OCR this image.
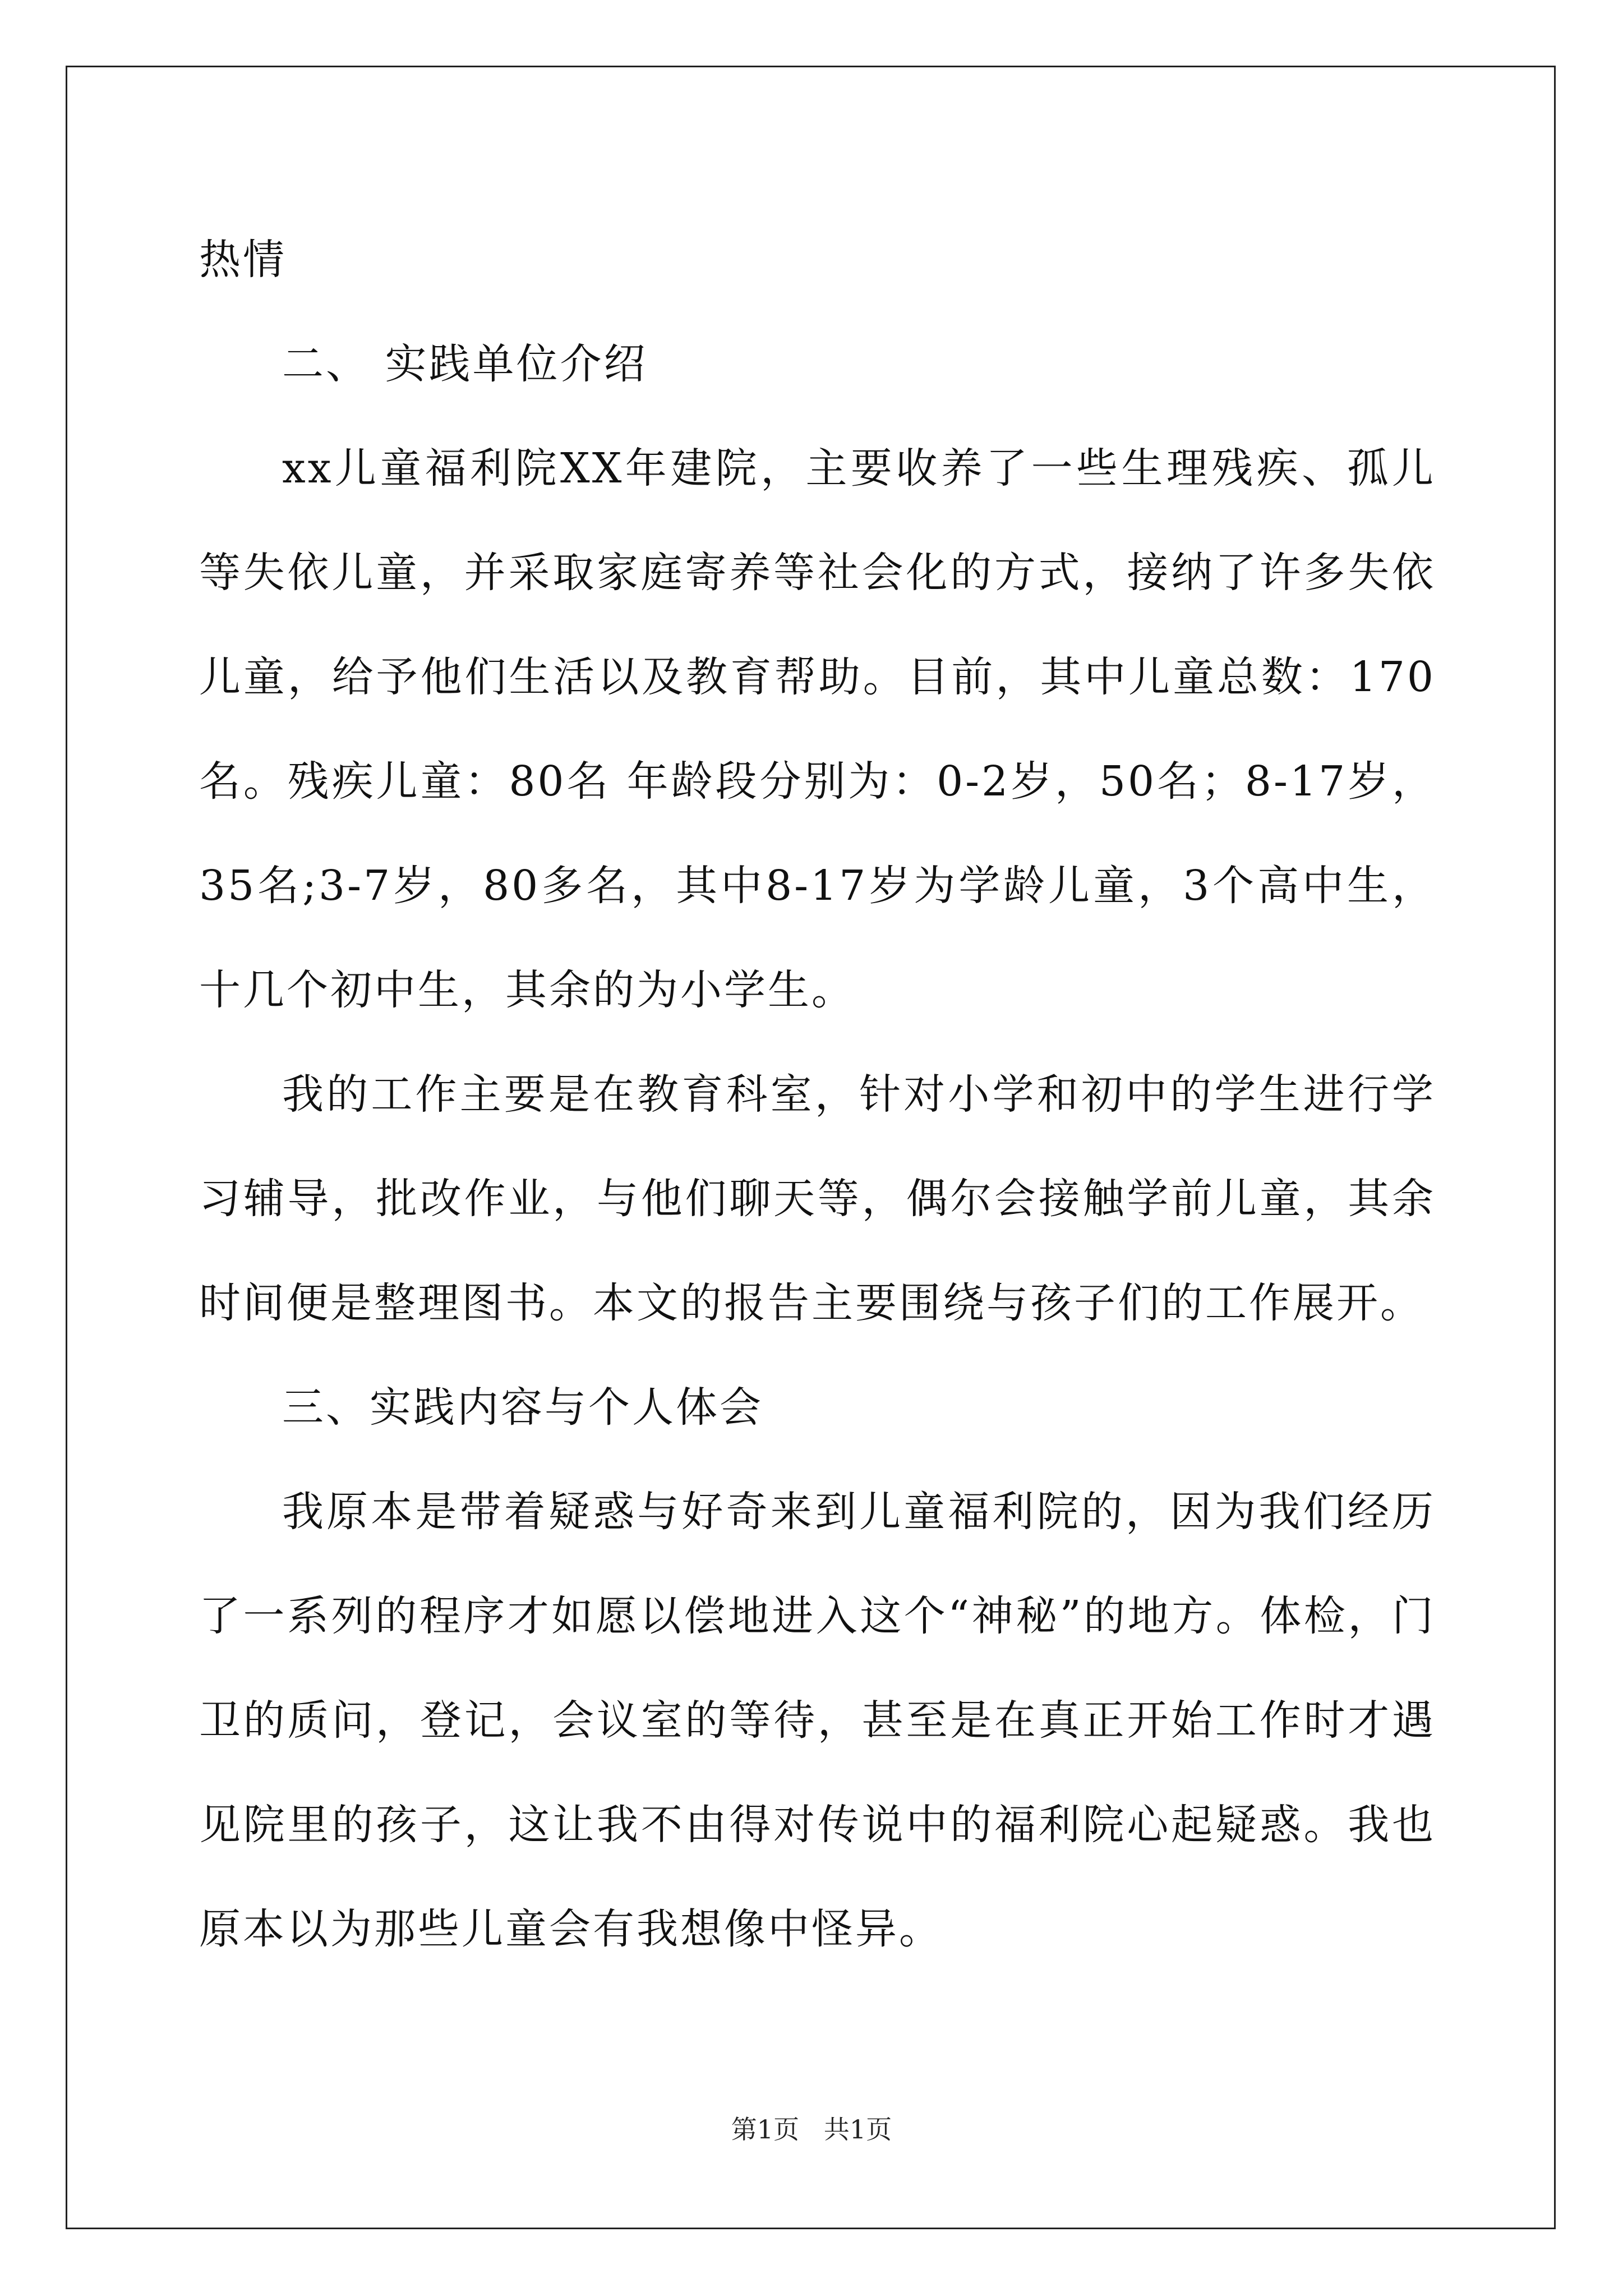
热情

二、 实践单位介绍

xx儿童福利院XX年建院，主要收养了一些生理残疾、孤儿等失依儿童，并采取家庭寄养等社会化的方式，接纳了许多失依儿童，给予他们生活以及教育帮助。目前，其中儿童总数：170名。残疾儿童：80名 年龄段分别为：0-2岁，50名；8-17岁，35名;3-7岁，80多名，其中8-17岁为学龄儿童，3个高中生，十几个初中生，其余的为小学生。

我的工作主要是在教育科室，针对小学和初中的学生进行学习辅导，批改作业，与他们聊天等，偶尔会接触学前儿童，其余时间便是整理图书。本文的报告主要围绕与孩子们的工作展开。

三、实践内容与个人体会

我原本是带着疑惑与好奇来到儿童福利院的，因为我们经历了一系列的程序才如愿以偿地进入这个“神秘”的地方。体检，门卫的质问，登记，会议室的等待，甚至是在真正开始工作时才遇见院里的孩子，这让我不由得对传说中的福利院心起疑惑。我也原本以为那些儿童会有我想像中怪异。

第1页   共1页
